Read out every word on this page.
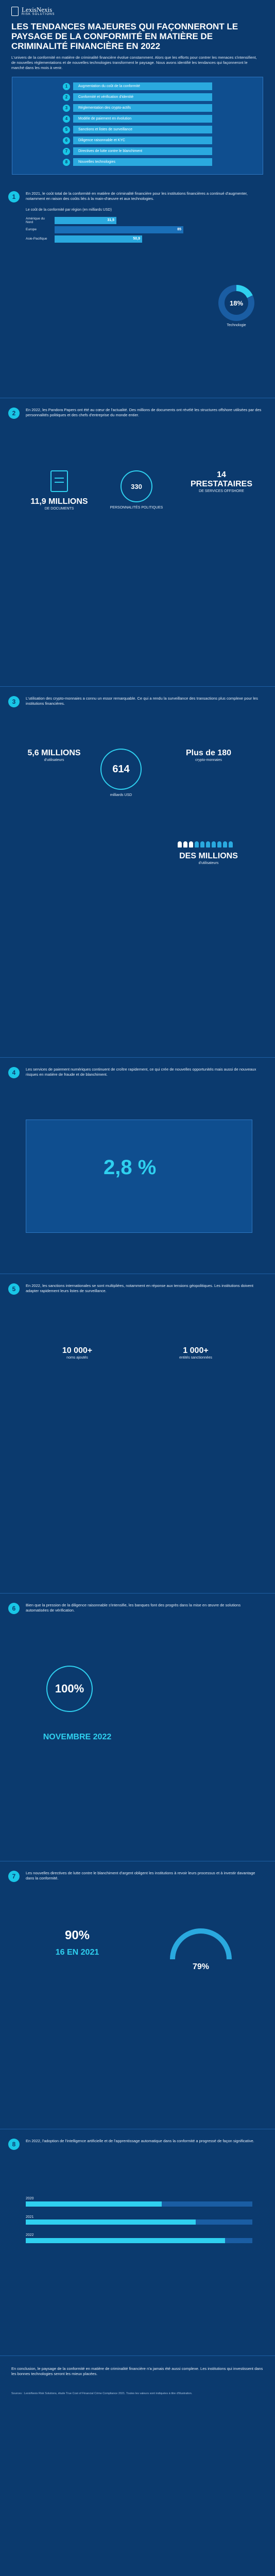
LexisNexis
RISK SOLUTIONS
LES TENDANCES MAJEURES QUI FAÇONNERONT LE PAYSAGE DE LA CONFORMITÉ EN MATIÈRE DE CRIMINALITÉ FINANCIÈRE EN 2022

L'univers de la conformité en matière de criminalité financière évolue constamment. Alors que les efforts pour contrer les menaces s'intensifient, de nouvelles réglementations et de nouvelles technologies transforment le paysage. Nous avons identifié les tendances qui façonneront le marché dans les mois à venir.

1	Augmentation du coût de la conformité
2	Conformité et vérification d'identité
3	Réglementation des crypto-actifs
4	Modèle de paiement en évolution
5	Sanctions et listes de surveillance
6	Diligence raisonnable et KYC
7	Directives de lutte contre le blanchiment
8	Nouvelles technologies
1	En 2021, le coût total de la conformité en matière de criminalité financière pour les institutions financières a continué d'augmenter, notamment en raison des coûts liés à la main-d'œuvre et aux technologies.

Le coût de la conformité par région (en milliards USD)

Amérique du Nord	31,5
Europe	85
Asie-Pacifique	50,9
18%
Technologie
2	En 2022, les Pandora Papers ont été au cœur de l'actualité. Des millions de documents ont révélé les structures offshore utilisées par des personnalités politiques et des chefs d'entreprise du monde entier.

11,9 MILLIONS
DE DOCUMENTS
330
PERSONNALITÉS POLITIQUES
14 PRESTATAIRES
DE SERVICES OFFSHORE
3	L'utilisation des crypto-monnaies a connu un essor remarquable. Ce qui a rendu la surveillance des transactions plus complexe pour les institutions financières.

5,6 MILLIONS
d'utilisateurs
614
milliards USD
Plus de 180
crypto-monnaies
DES MILLIONS
d'utilisateurs
4	Les services de paiement numériques continuent de croître rapidement, ce qui crée de nouvelles opportunités mais aussi de nouveaux risques en matière de fraude et de blanchiment.

2,8 %
5	En 2022, les sanctions internationales se sont multipliées, notamment en réponse aux tensions géopolitiques. Les institutions doivent adapter rapidement leurs listes de surveillance.

10 000+
noms ajoutés
1 000+
entités sanctionnées
6	Bien que la pression de la diligence raisonnable s'intensifie, les banques font des progrès dans la mise en œuvre de solutions automatisées de vérification.

100%
NOVEMBRE 2022
7	Les nouvelles directives de lutte contre le blanchiment d'argent obligent les institutions à revoir leurs processus et à investir davantage dans la conformité.

90%
16 EN 2021
79%
8	En 2022, l'adoption de l'intelligence artificielle et de l'apprentissage automatique dans la conformité a progressé de façon significative.

2020
2021
2022

En conclusion, le paysage de la conformité en matière de criminalité financière n'a jamais été aussi complexe. Les institutions qui investissent dans les bonnes technologies seront les mieux placées.

Sources : LexisNexis Risk Solutions, étude True Cost of Financial Crime Compliance 2021. Toutes les valeurs sont indiquées à titre d'illustration.
